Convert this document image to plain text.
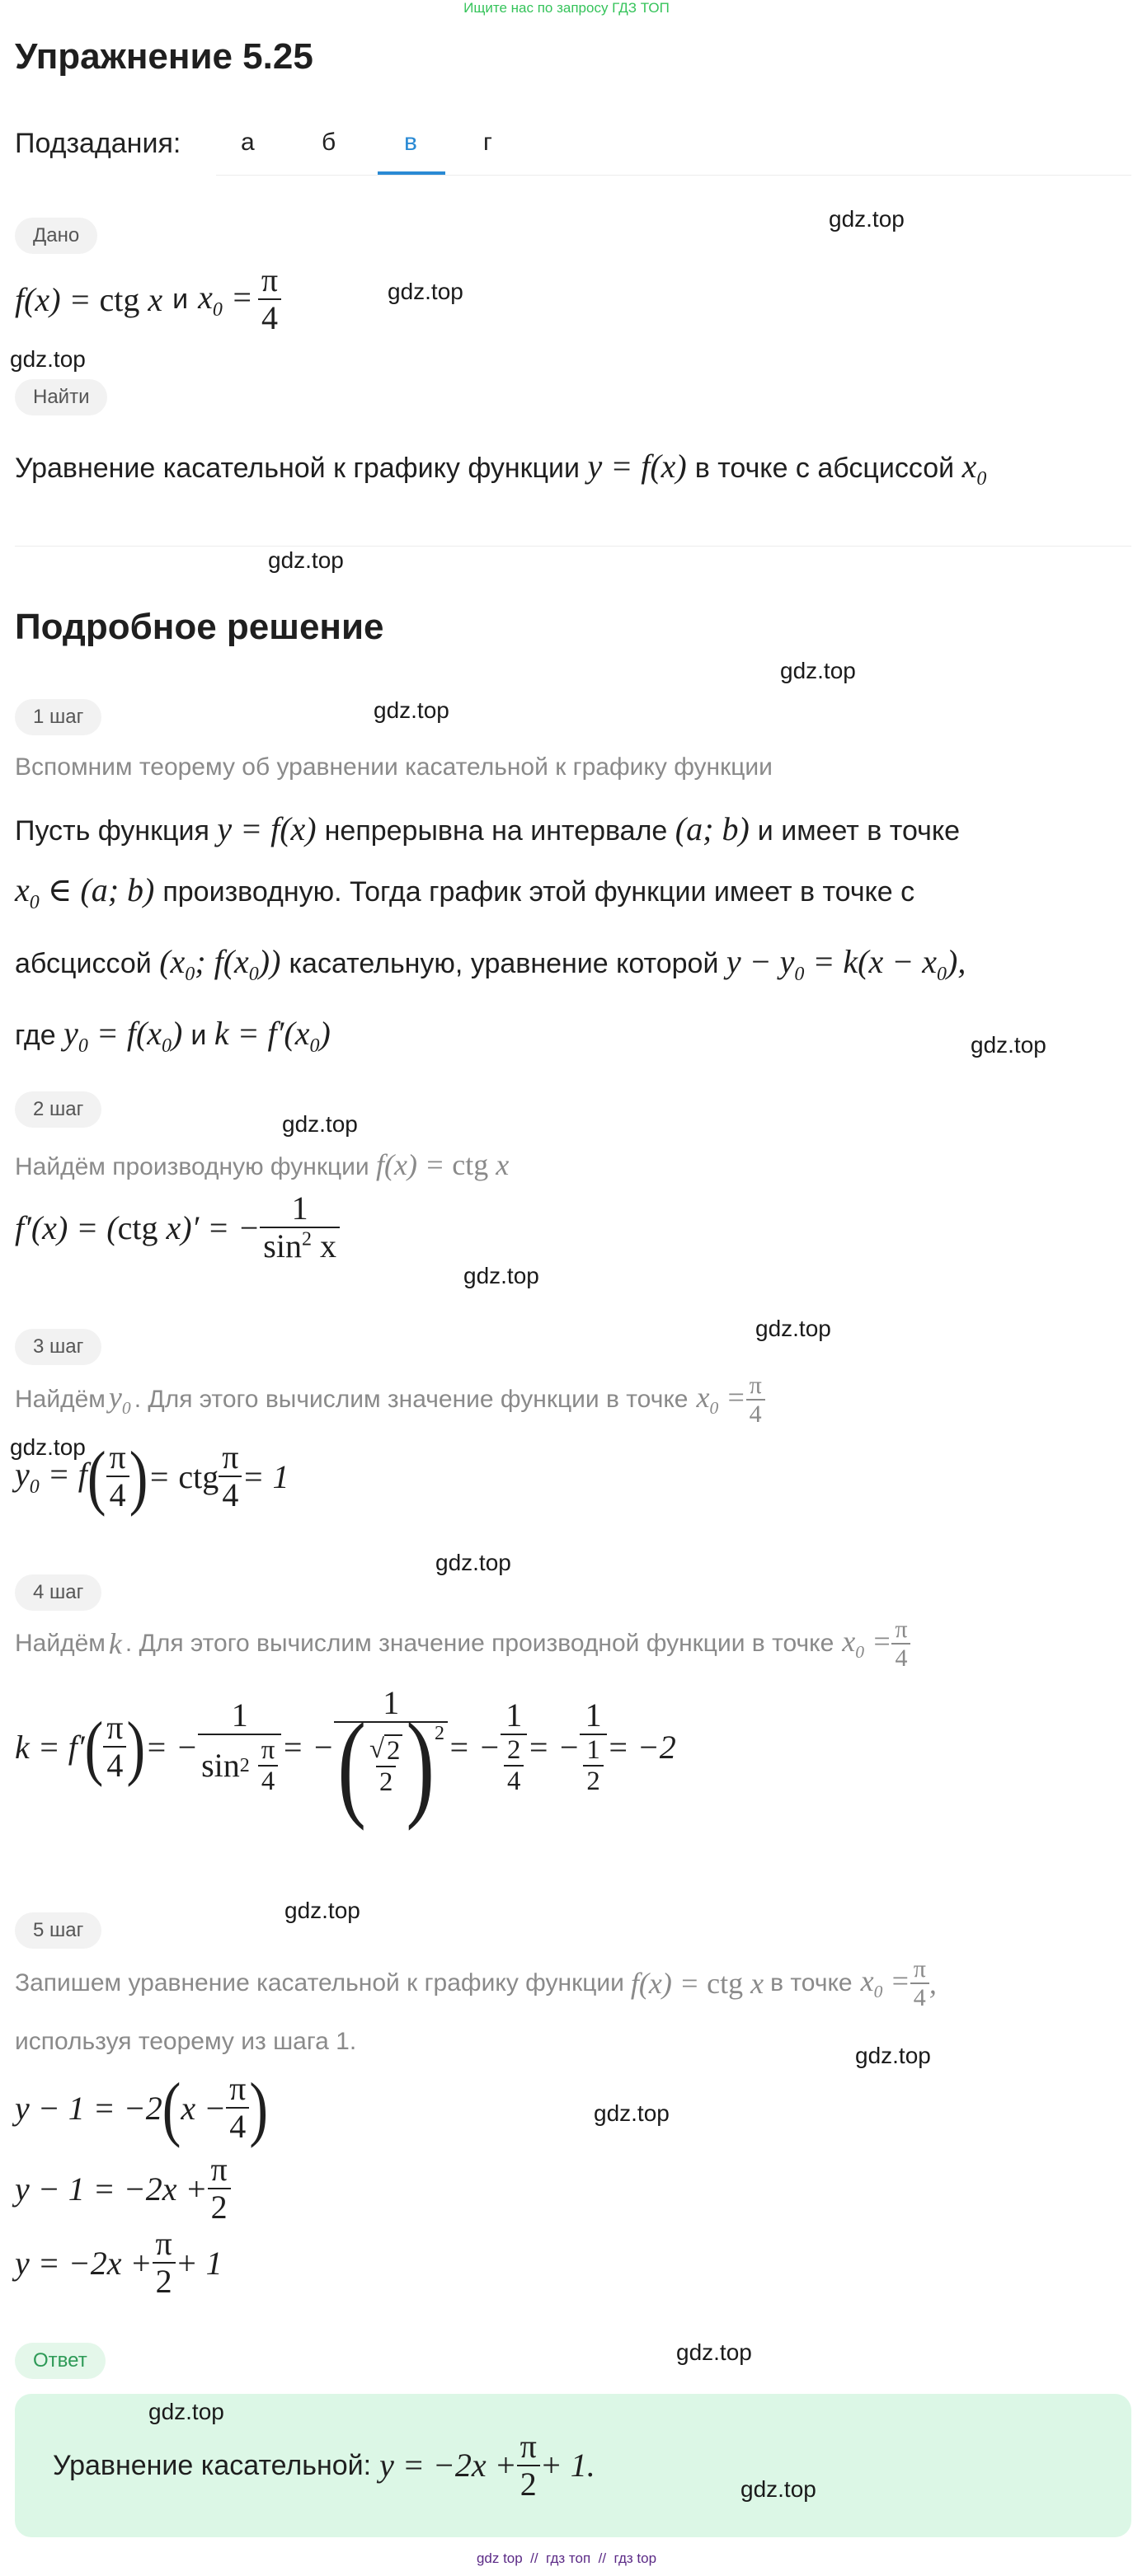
Ищите нас по запросу ГДЗ ТОП
Упражнение 5.25
Подзадания: а	б	в	г
Дано
f(x) = ctg x и $x_0 = \frac{\pi}{4}$
Найти
Уравнение касательной к графику функции y = f(x) в точке с абсциссой $x_0$
Подробное решение
1 шаг
Вспомним теорему об уравнении касательной к графику функции
Пусть функция y = f(x) непрерывна на интервале (a; b) и имеет в точке
$x_0$ ∈ (a; b) производную. Тогда график этой функции имеет в точке с
абсциссой ($x_0$; $f(x_0)$) касательную, уравнение которой $y - y_0 = k(x - x_0)$,
где $y_0 = f(x_0)$ и $k = f'(x_0)$
2 шаг
Найдём производную функции f(x) = ctg x
f′(x) = (ctg x)′ = − $\frac{1}{\sin^2 x}$
3 шаг
Найдём $y_0$ . Для этого вычислим значение функции в точке $x_0 = \frac{\pi}{4}$
$y_0 = f$ ( $\frac{\pi}{4}$ ) = ctg $\frac{\pi}{4} = 1$
4 шаг
Найдём k . Для этого вычислим значение производной функции в точке $x_0 = \frac{\pi}{4}$
k = f′ ( $\frac{\pi}{4}$ ) = − 1
sin 2
$\frac{\pi}{4}$ = − $\frac{1}{( \frac{√ 2}{2} )^2}$ = − $\frac{1}{\frac{2}{4}}$ = − $\frac{1}{\frac{1}{2}} = -2$
5 шаг
Запишем уравнение касательной к графику функции f(x) = ctg x в точке $x_0 = \frac{\pi}{4}$ ,
используя теорему из шага 1.
y − 1 = −2 ( $x - \frac{\pi}{4}$ )
$y - 1 = -2x + \frac{\pi}{2}$
$y = -2x + \frac{\pi}{2} + 1$
Ответ
Уравнение касательной: $y = -2x + \frac{\pi}{2} + 1$.
gdz top  //  гдз топ  //  гдз top
gdz.top
gdz.top
gdz.top
gdz.top
gdz.top
gdz.top
gdz.top
gdz.top
gdz.top
gdz.top
gdz.top
gdz.top
gdz.top
gdz.top
gdz.top
gdz.top
gdz.top
gdz.top
